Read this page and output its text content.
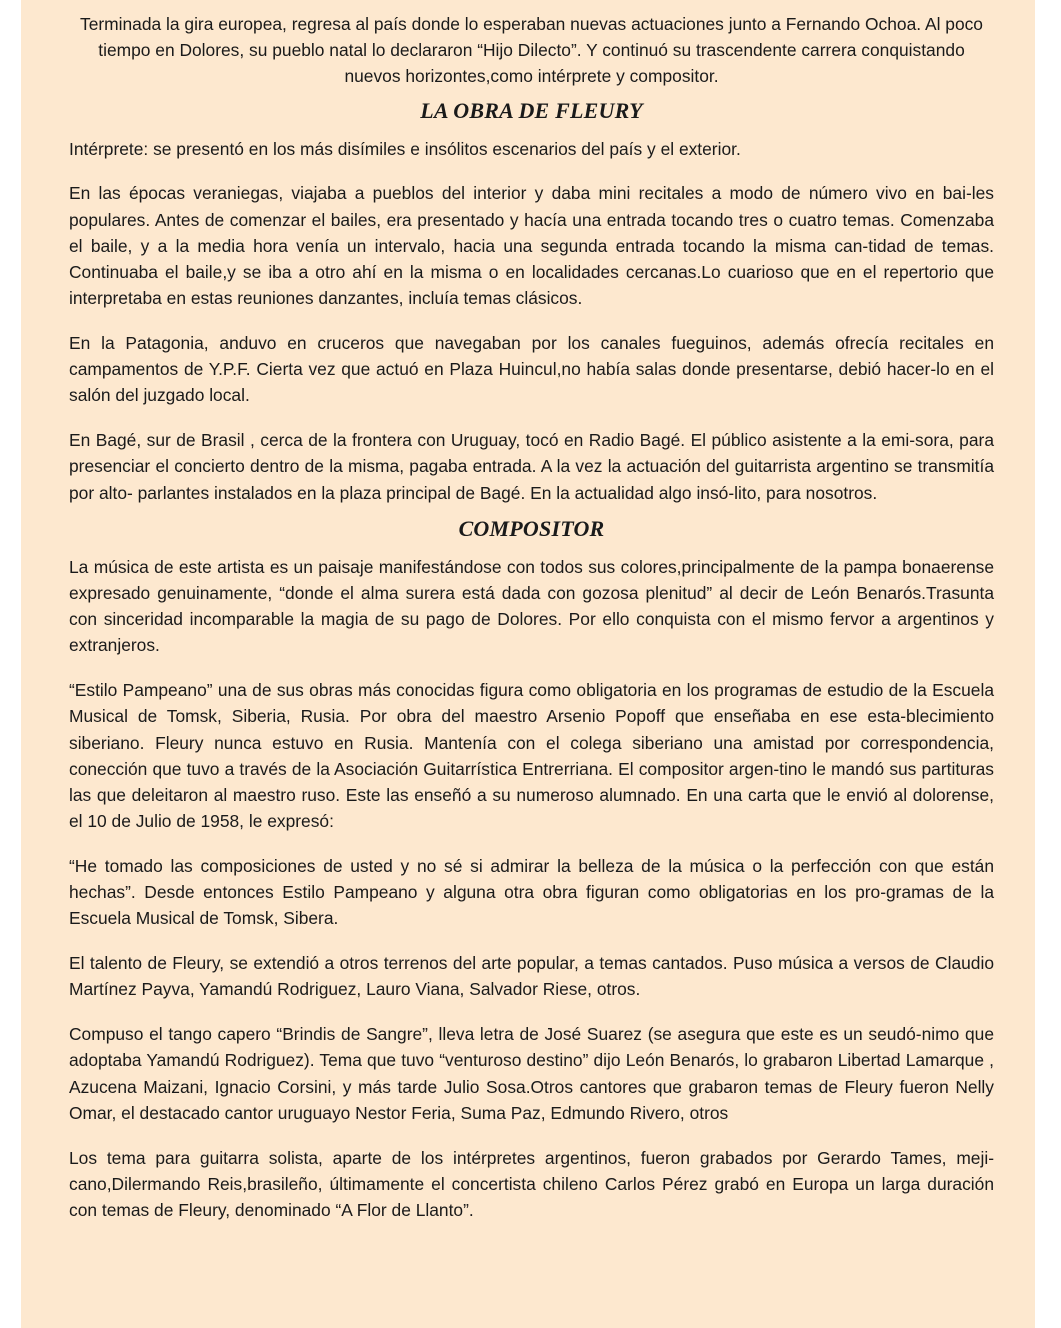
Terminada la gira europea, regresa al país donde lo esperaban nuevas actuaciones junto a Fernando Ochoa. Al poco tiempo en Dolores, su pueblo natal lo declararon “Hijo Dilecto”. Y continuó su trascendente carrera conquistando nuevos horizontes,como intérprete y compositor.

LA OBRA DE FLEURY

Intérprete: se presentó en los más disímiles e insólitos escenarios del país y el exterior.

En las épocas veraniegas, viajaba a pueblos del interior y daba mini recitales a modo de número vivo en bai-les populares. Antes de comenzar el bailes, era presentado y hacía una entrada tocando tres o cuatro temas. Comenzaba el baile, y a la media hora venía un intervalo, hacia una segunda entrada tocando la misma can-tidad de temas. Continuaba el baile,y se iba a otro ahí en la misma o en localidades cercanas.Lo cuarioso que en el repertorio que interpretaba en estas reuniones danzantes, incluía temas clásicos.

En la Patagonia, anduvo en cruceros que navegaban por los canales fueguinos, además ofrecía recitales en campamentos de Y.P.F. Cierta vez que actuó en Plaza Huincul,no había salas donde presentarse, debió hacer-lo en el salón del juzgado local.

En Bagé, sur de Brasil , cerca de la frontera con Uruguay, tocó en Radio Bagé. El público asistente a la emi-sora, para presenciar el concierto dentro de la misma, pagaba entrada. A la vez la actuación del guitarrista argentino se transmitía por alto- parlantes instalados en la plaza principal de Bagé. En la actualidad algo insó-lito, para nosotros.

COMPOSITOR

La música de este artista es un paisaje manifestándose con todos sus colores,principalmente de la pampa bonaerense expresado genuinamente, “donde el alma surera está dada con gozosa plenitud” al decir de León Benarós.Trasunta con sinceridad incomparable la magia de su pago de Dolores. Por ello conquista con el mismo fervor a argentinos y extranjeros.

“Estilo Pampeano” una de sus obras más conocidas figura como obligatoria en los programas de estudio de la Escuela Musical de Tomsk, Siberia, Rusia. Por obra del maestro Arsenio Popoff que enseñaba en ese esta-blecimiento siberiano. Fleury nunca estuvo en Rusia. Mantenía con el colega siberiano una amistad por correspondencia, conección que tuvo a través de la Asociación Guitarrística Entrerriana. El compositor argen-tino le mandó sus partituras las que deleitaron al maestro ruso. Este las enseñó a su numeroso alumnado. En una carta que le envió al dolorense, el 10 de Julio de 1958, le expresó:

“He tomado las composiciones de usted y no sé si admirar la belleza de la música o la perfección con que están hechas”. Desde entonces Estilo Pampeano y alguna otra obra figuran como obligatorias en los pro-gramas de la Escuela Musical de Tomsk, Sibera.

El talento de Fleury, se extendió a otros terrenos del arte popular, a temas cantados. Puso música a versos de Claudio Martínez Payva, Yamandú Rodriguez, Lauro Viana, Salvador Riese, otros.

Compuso el tango capero “Brindis de Sangre”, lleva letra de José Suarez (se asegura que este es un seudó-nimo que adoptaba Yamandú Rodriguez). Tema que tuvo “venturoso destino” dijo León Benarós, lo grabaron Libertad Lamarque , Azucena Maizani, Ignacio Corsini, y más tarde Julio Sosa.Otros cantores que grabaron temas de Fleury fueron Nelly Omar, el destacado cantor uruguayo Nestor Feria, Suma Paz, Edmundo Rivero, otros

Los tema para guitarra solista, aparte de los intérpretes argentinos, fueron grabados por Gerardo Tames, meji-cano,Dilermando Reis,brasileño, últimamente el concertista chileno Carlos Pérez grabó en Europa un larga duración con temas de Fleury, denominado “A Flor de Llanto”.
